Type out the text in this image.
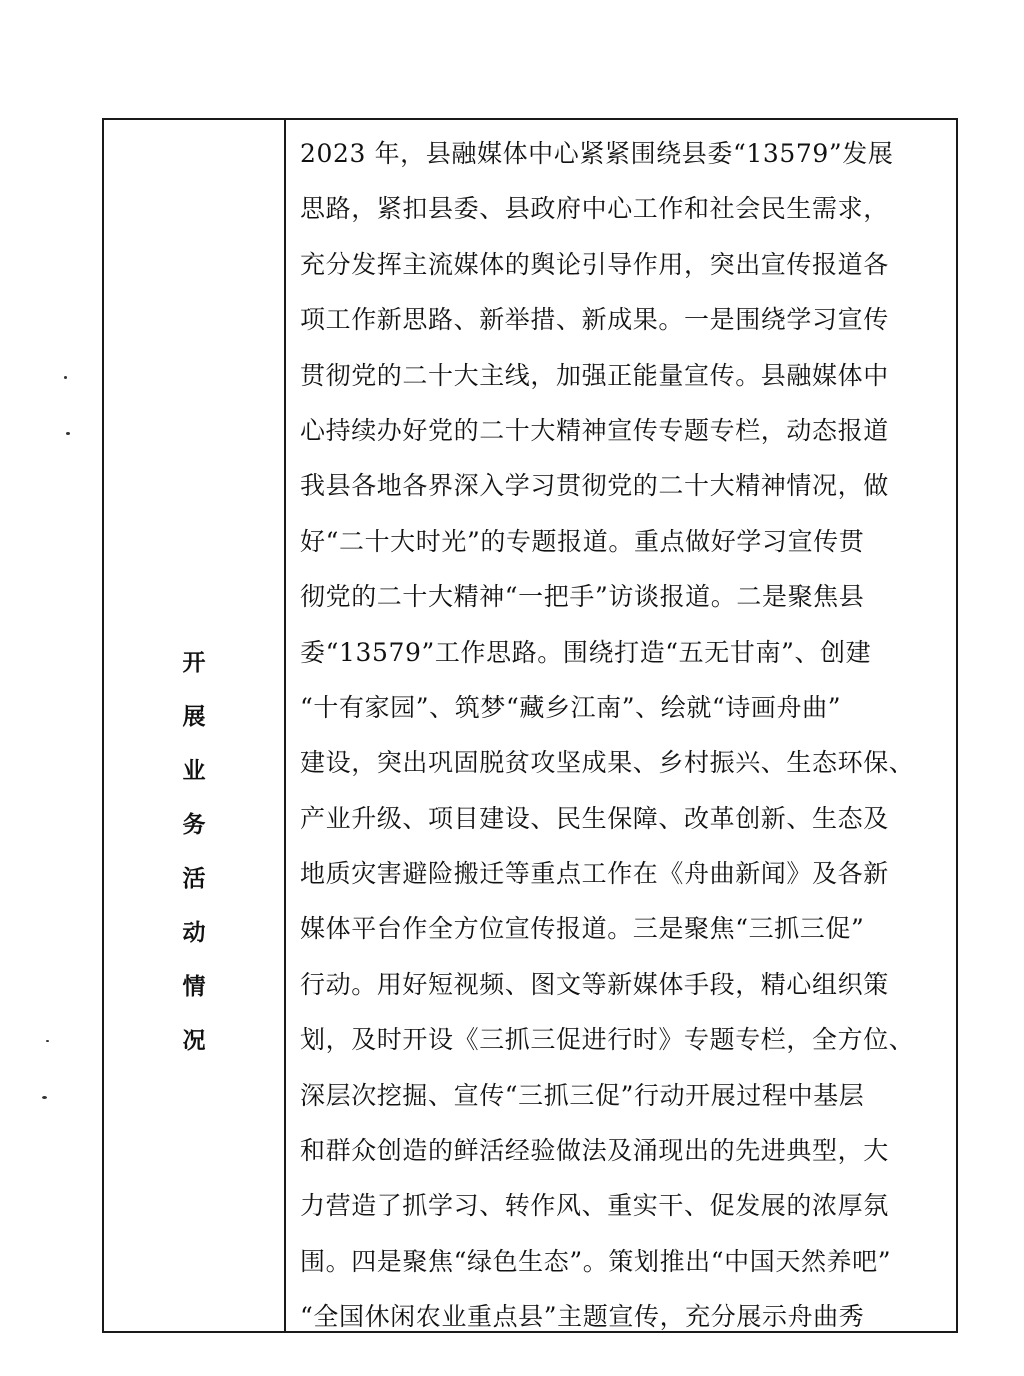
开
展
业
务
活
动
情
况
2023 年，县融媒体中心紧紧围绕县委“13579”发展
思路，紧扣县委、县政府中心工作和社会民生需求，
充分发挥主流媒体的舆论引导作用，突出宣传报道各
项工作新思路、新举措、新成果。一是围绕学习宣传
贯彻党的二十大主线，加强正能量宣传。县融媒体中
心持续办好党的二十大精神宣传专题专栏，动态报道
我县各地各界深入学习贯彻党的二十大精神情况，做
好“二十大时光”的专题报道。重点做好学习宣传贯
彻党的二十大精神“一把手”访谈报道。二是聚焦县
委“13579”工作思路。围绕打造“五无甘南”、创建
“十有家园”、筑梦“藏乡江南”、绘就“诗画舟曲”
建设，突出巩固脱贫攻坚成果、乡村振兴、生态环保、
产业升级、项目建设、民生保障、改革创新、生态及
地质灾害避险搬迁等重点工作在《舟曲新闻》及各新
媒体平台作全方位宣传报道。三是聚焦“三抓三促”
行动。用好短视频、图文等新媒体手段，精心组织策
划，及时开设《三抓三促进行时》专题专栏，全方位、
深层次挖掘、宣传“三抓三促”行动开展过程中基层
和群众创造的鲜活经验做法及涌现出的先进典型，大
力营造了抓学习、转作风、重实干、促发展的浓厚氛
围。四是聚焦“绿色生态”。策划推出“中国天然养吧”
“全国休闲农业重点县”主题宣传，充分展示舟曲秀
